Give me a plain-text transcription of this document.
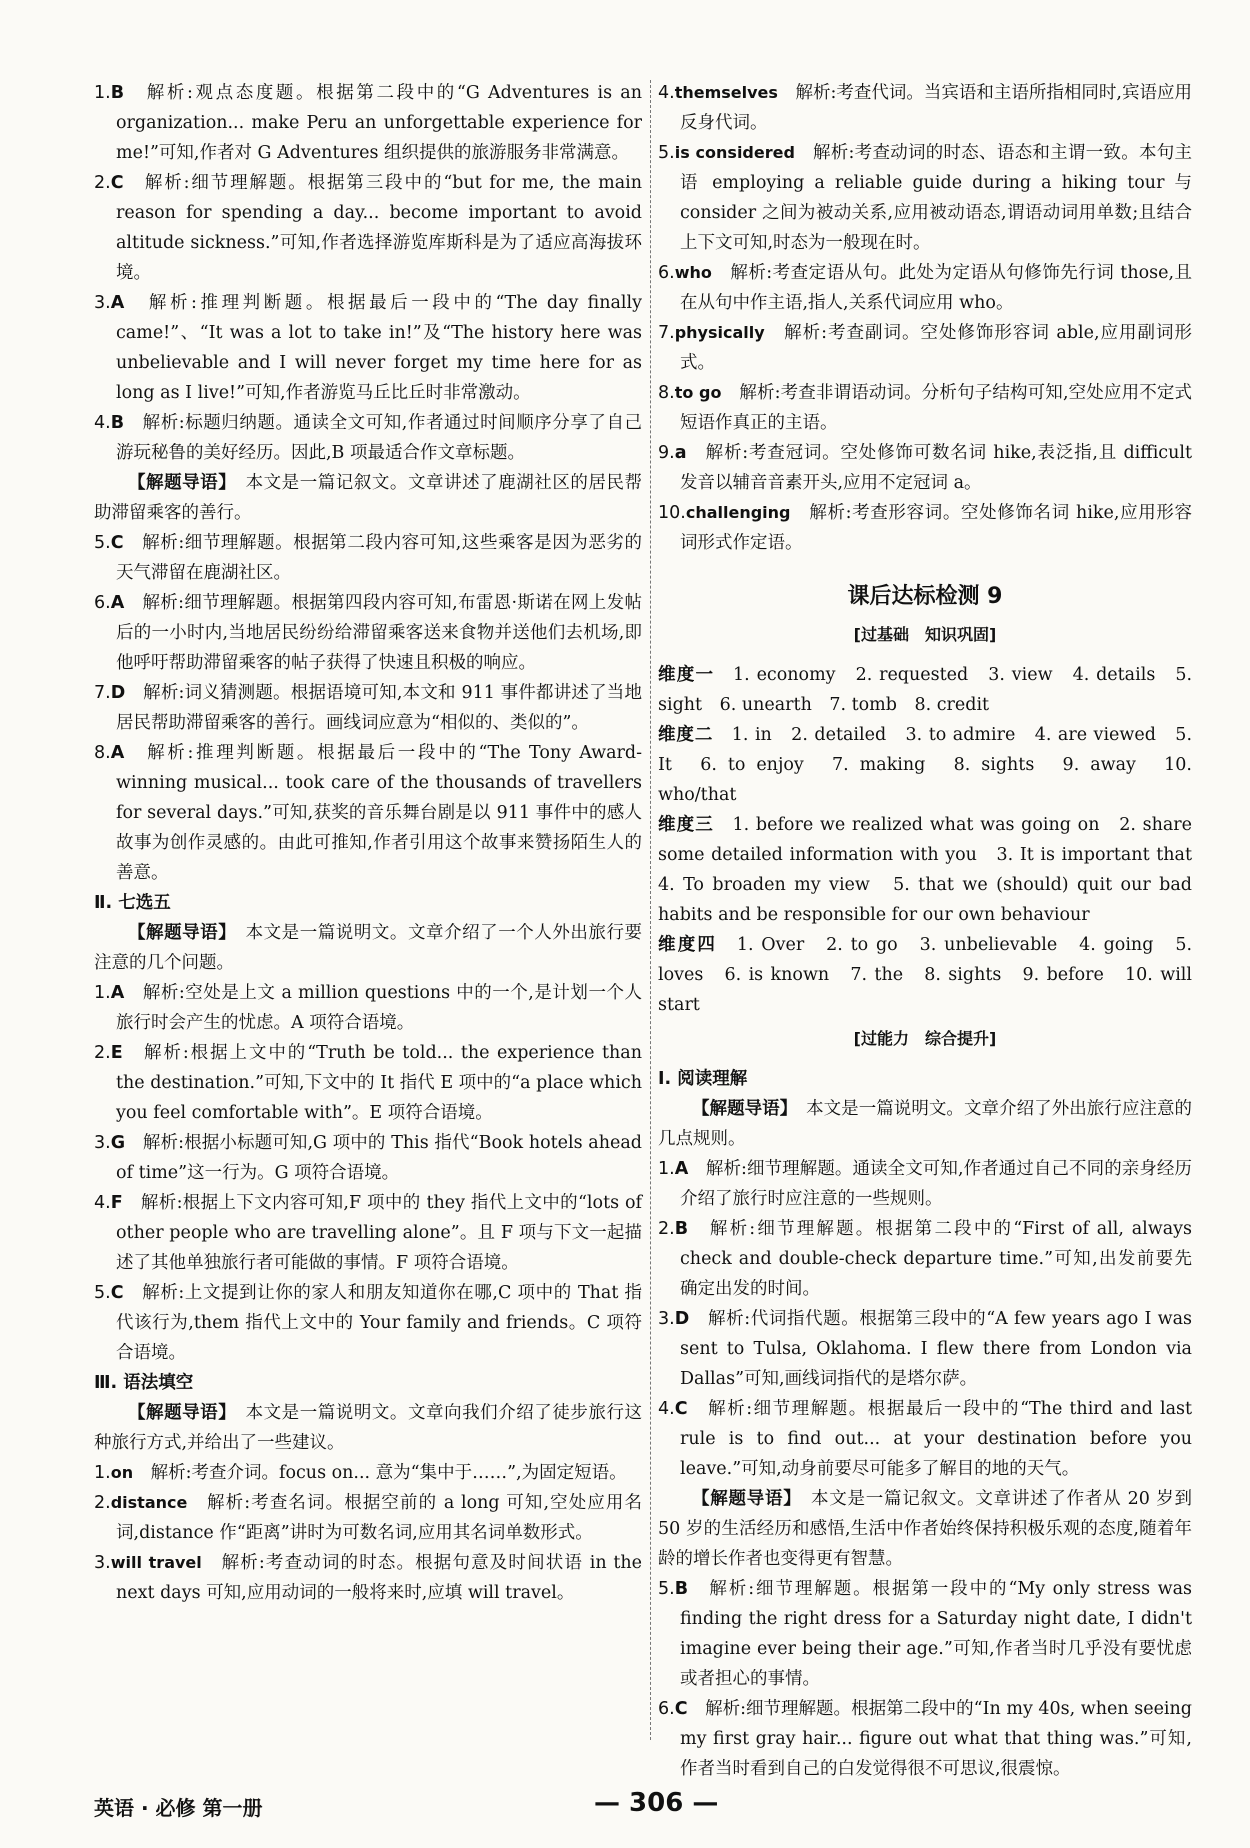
1.B　 解析:观点态度题。根据第二段中的“G Adventures is an organization... make Peru an unforgettable experience for me!”可知,作者对 G Adventures 组织提供的旅游服务非常满意。
2.C　 解析:细节理解题。根据第三段中的“but for me, the main reason for spending a day... become important to avoid altitude sickness.”可知,作者选择游览库斯科是为了适应高海拔环境。
3.A　 解析:推理判断题。根据最后一段中的“The day finally came!”、“It was a lot to take in!”及“The history here was unbelievable and I will never forget my time here for as long as I live!”可知,作者游览马丘比丘时非常激动。
4.B　 解析:标题归纳题。通读全文可知,作者通过时间顺序分享了自己游玩秘鲁的美好经历。因此,B 项最适合作文章标题。
【解题导语】　 本文是一篇记叙文。文章讲述了鹿湖社区的居民帮助滞留乘客的善行。
5.C　 解析:细节理解题。根据第二段内容可知,这些乘客是因为恶劣的天气滞留在鹿湖社区。
6.A　 解析:细节理解题。根据第四段内容可知,布雷恩·斯诺在网上发帖后的一小时内,当地居民纷纷给滞留乘客送来食物并送他们去机场,即他呼吁帮助滞留乘客的帖子获得了快速且积极的响应。
7.D　 解析:词义猜测题。根据语境可知,本文和 911 事件都讲述了当地居民帮助滞留乘客的善行。画线词应意为“相似的、类似的”。
8.A　 解析:推理判断题。根据最后一段中的“The Tony Award-winning musical... took care of the thousands of travellers for several days.”可知,获奖的音乐舞台剧是以 911 事件中的感人故事为创作灵感的。由此可推知,作者引用这个故事来赞扬陌生人的善意。
Ⅱ. 七选五
【解题导语】　 本文是一篇说明文。文章介绍了一个人外出旅行要注意的几个问题。
1.A　 解析:空处是上文 a million questions 中的一个,是计划一个人旅行时会产生的忧虑。A 项符合语境。
2.E　 解析:根据上文中的“Truth be told... the experience than the destination.”可知,下文中的 It 指代 E 项中的“a place which you feel comfortable with”。E 项符合语境。
3.G　 解析:根据小标题可知,G 项中的 This 指代“Book hotels ahead of time”这一行为。G 项符合语境。
4.F　 解析:根据上下文内容可知,F 项中的 they 指代上文中的“lots of other people who are travelling alone”。且 F 项与下文一起描述了其他单独旅行者可能做的事情。F 项符合语境。
5.C　 解析:上文提到让你的家人和朋友知道你在哪,C 项中的 That 指代该行为,them 指代上文中的 Your family and friends。C 项符合语境。
Ⅲ. 语法填空
【解题导语】　 本文是一篇说明文。文章向我们介绍了徒步旅行这种旅行方式,并给出了一些建议。
1.on　 解析:考查介词。focus on... 意为“集中于……”,为固定短语。
2.distance　 解析:考查名词。根据空前的 a long 可知,空处应用名词,distance 作“距离”讲时为可数名词,应用其名词单数形式。
3.will travel　 解析:考查动词的时态。根据句意及时间状语 in the next days 可知,应用动词的一般将来时,应填 will travel。
4.themselves　 解析:考查代词。当宾语和主语所指相同时,宾语应用反身代词。
5.is considered　 解析:考查动词的时态、语态和主谓一致。本句主语 employing a reliable guide during a hiking tour 与 consider 之间为被动关系,应用被动语态,谓语动词用单数;且结合上下文可知,时态为一般现在时。
6.who　 解析:考查定语从句。此处为定语从句修饰先行词 those,且在从句中作主语,指人,关系代词应用 who。
7.physically　 解析:考查副词。空处修饰形容词 able,应用副词形式。
8.to go　 解析:考查非谓语动词。分析句子结构可知,空处应用不定式短语作真正的主语。
9.a　 解析:考查冠词。空处修饰可数名词 hike,表泛指,且 difficult 发音以辅音音素开头,应用不定冠词 a。
10.challenging　 解析:考查形容词。空处修饰名词 hike,应用形容词形式作定语。
课后达标检测 9
[过基础　知识巩固]
维度一　 1. economy　2. requested　3. view　4. details　5. sight　6. unearth　7. tomb　8. credit
维度二　 1. in　2. detailed　3. to admire　4. are viewed　5. It　6. to enjoy　7. making　8. sights　9. away　10. who/that
维度三　 1. before we realized what was going on　2. share some detailed information with you　3. It is important that　4. To broaden my view　5. that we (should) quit our bad habits and be responsible for our own behaviour
维度四　 1. Over　2. to go　3. unbelievable　4. going　5. loves　6. is known　7. the　8. sights　9. before　10. will start
[过能力　综合提升]
Ⅰ. 阅读理解
【解题导语】　 本文是一篇说明文。文章介绍了外出旅行应注意的几点规则。
1.A　 解析:细节理解题。通读全文可知,作者通过自己不同的亲身经历介绍了旅行时应注意的一些规则。
2.B　 解析:细节理解题。根据第二段中的“First of all, always check and double-check departure time.”可知,出发前要先确定出发的时间。
3.D　 解析:代词指代题。根据第三段中的“A few years ago I was sent to Tulsa, Oklahoma. I flew there from London via Dallas”可知,画线词指代的是塔尔萨。
4.C　 解析:细节理解题。根据最后一段中的“The third and last rule is to find out... at your destination before you leave.”可知,动身前要尽可能多了解目的地的天气。
【解题导语】　 本文是一篇记叙文。文章讲述了作者从 20 岁到 50 岁的生活经历和感悟,生活中作者始终保持积极乐观的态度,随着年龄的增长作者也变得更有智慧。
5.B　 解析:细节理解题。根据第一段中的“My only stress was finding the right dress for a Saturday night date, I didn't imagine ever being their age.”可知,作者当时几乎没有要忧虑或者担心的事情。
6.C　 解析:细节理解题。根据第二段中的“In my 40s, when seeing my first gray hair... figure out what that thing was.”可知,作者当时看到自己的白发觉得很不可思议,很震惊。
英语 · 必修 第一册	— 306 —
